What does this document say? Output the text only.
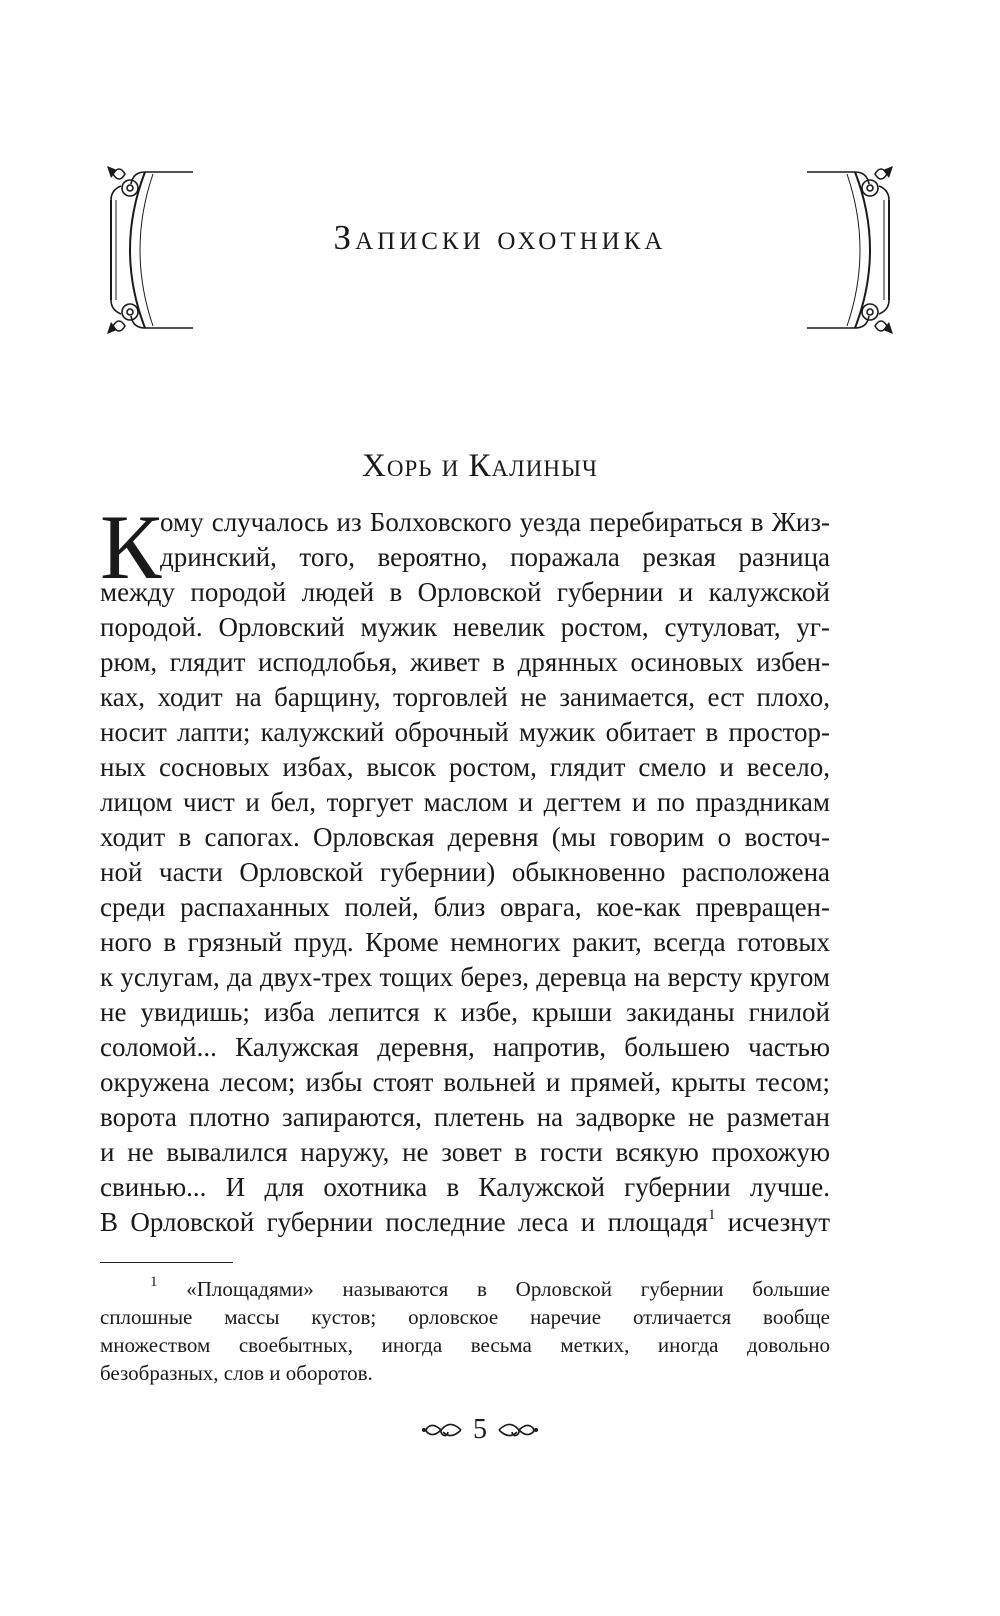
Записки охотника
Хорь и Калиныч
К
ому случалось из Болховского уезда перебираться в Жиз-
дринский, того, вероятно, поражала резкая разница
между породой людей в Орловской губернии и калужской
породой. Орловский мужик невелик ростом, сутуловат, уг-
рюм, глядит исподлобья, живет в дрянных осиновых избен-
ках, ходит на барщину, торговлей не занимается, ест плохо,
носит лапти; калужский оброчный мужик обитает в простор-
ных сосновых избах, высок ростом, глядит смело и весело,
лицом чист и бел, торгует маслом и дегтем и по праздникам
ходит в сапогах. Орловская деревня (мы говорим о восточ-
ной части Орловской губернии) обыкновенно расположена
среди распаханных полей, близ оврага, кое-как превращен-
ного в грязный пруд. Кроме немногих ракит, всегда готовых
к услугам, да двух-трех тощих берез, деревца на версту кругом
не увидишь; изба лепится к избе, крыши закиданы гнилой
соломой... Калужская деревня, напротив, большею частью
окружена лесом; избы стоят вольней и прямей, крыты тесом;
ворота плотно запираются, плетень на задворке не разметан
и не вывалился наружу, не зовет в гости всякую прохожую
свинью... И для охотника в Калужской губернии лучше.
В Орловской губернии последние леса и площадя$^1$ исчезнут
$^1$ «Площадями» называются в Орловской губернии большие
сплошные массы кустов; орловское наречие отличается вообще
множеством своебытных, иногда весьма метких, иногда довольно
безобразных, слов и оборотов.
5
